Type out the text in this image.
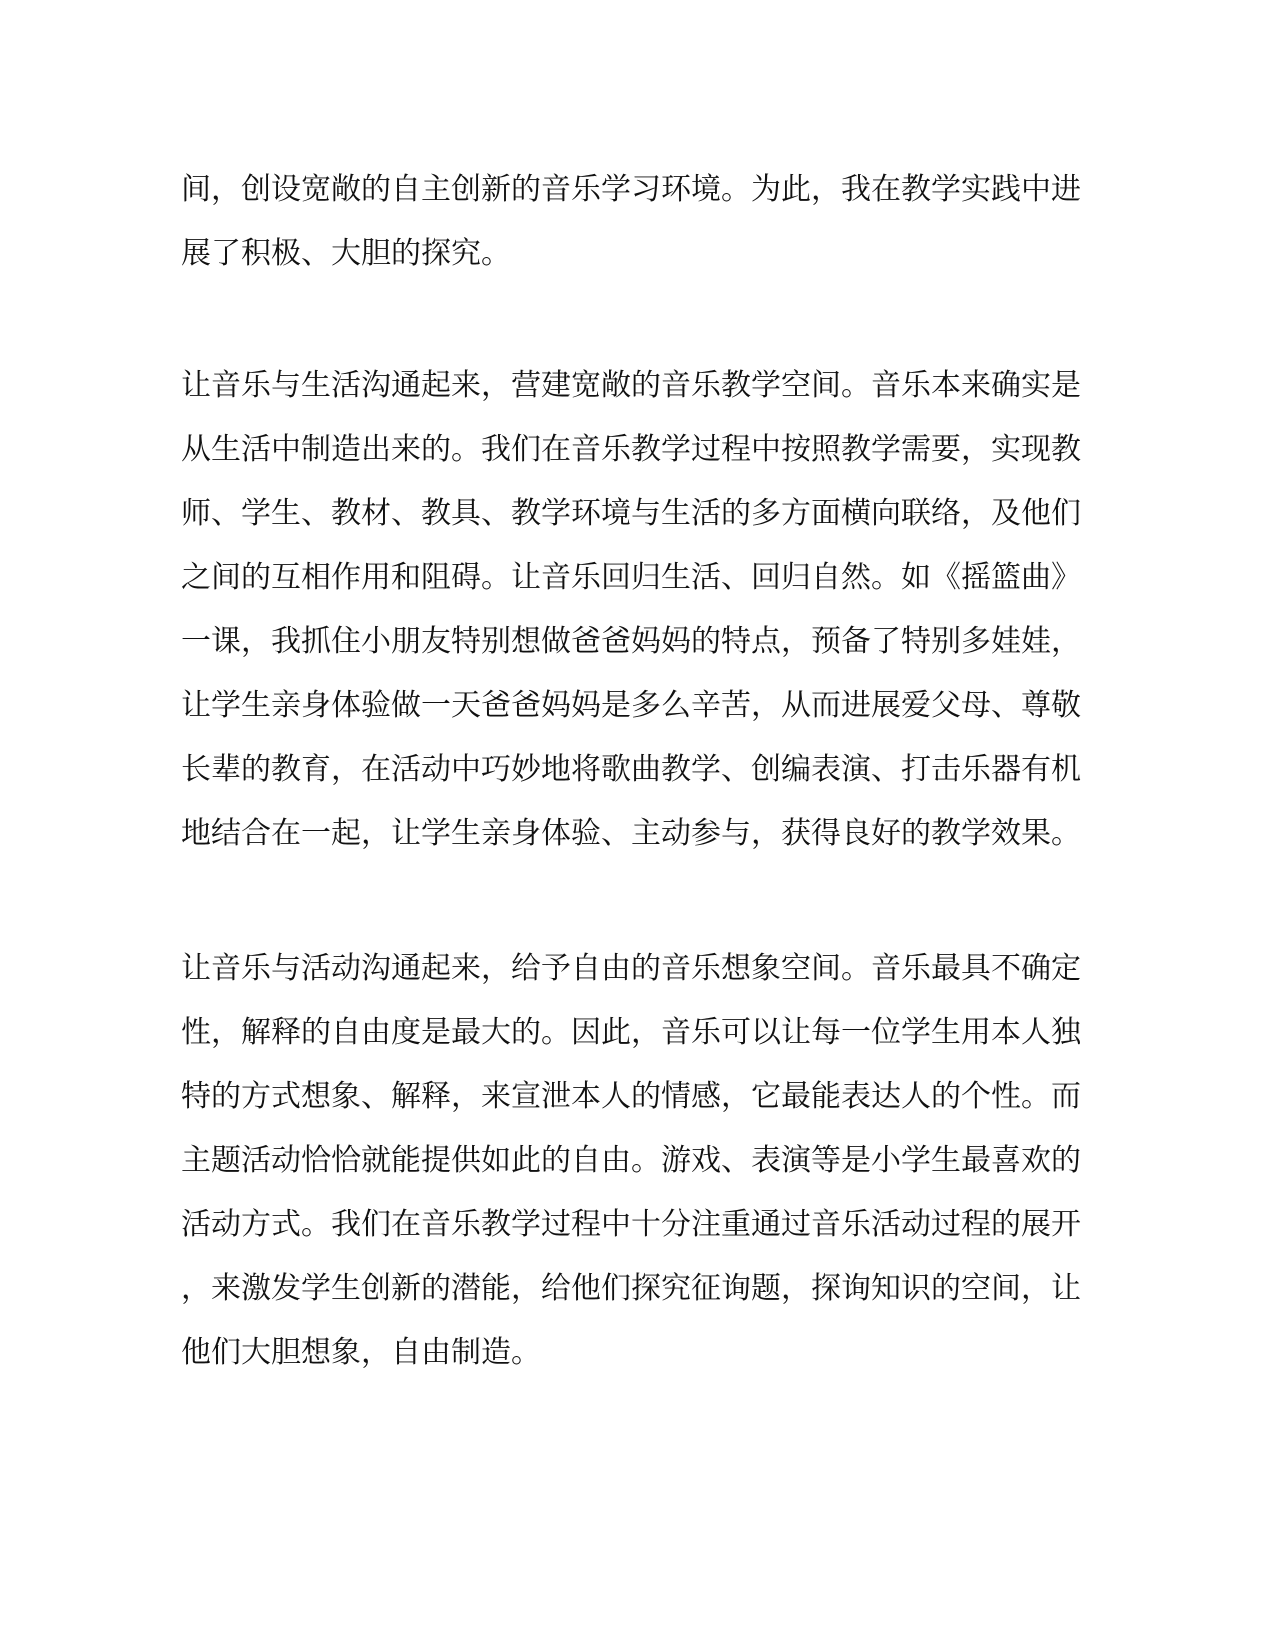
间，创设宽敞的自主创新的音乐学习环境。为此，我在教学实践中进
展了积极、大胆的探究。
让音乐与生活沟通起来，营建宽敞的音乐教学空间。音乐本来确实是
从生活中制造出来的。我们在音乐教学过程中按照教学需要，实现教
师、学生、教材、教具、教学环境与生活的多方面横向联络，及他们
之间的互相作用和阻碍。让音乐回归生活、回归自然。如《摇篮曲》
一课，我抓住小朋友特别想做爸爸妈妈的特点，预备了特别多娃娃，
让学生亲身体验做一天爸爸妈妈是多么辛苦，从而进展爱父母、尊敬
长辈的教育，在活动中巧妙地将歌曲教学、创编表演、打击乐器有机
地结合在一起，让学生亲身体验、主动参与，获得良好的教学效果。
让音乐与活动沟通起来，给予自由的音乐想象空间。音乐最具不确定
性，解释的自由度是最大的。因此，音乐可以让每一位学生用本人独
特的方式想象、解释，来宣泄本人的情感，它最能表达人的个性。而
主题活动恰恰就能提供如此的自由。游戏、表演等是小学生最喜欢的
活动方式。我们在音乐教学过程中十分注重通过音乐活动过程的展开
，来激发学生创新的潜能，给他们探究征询题，探询知识的空间，让
他们大胆想象，自由制造。
